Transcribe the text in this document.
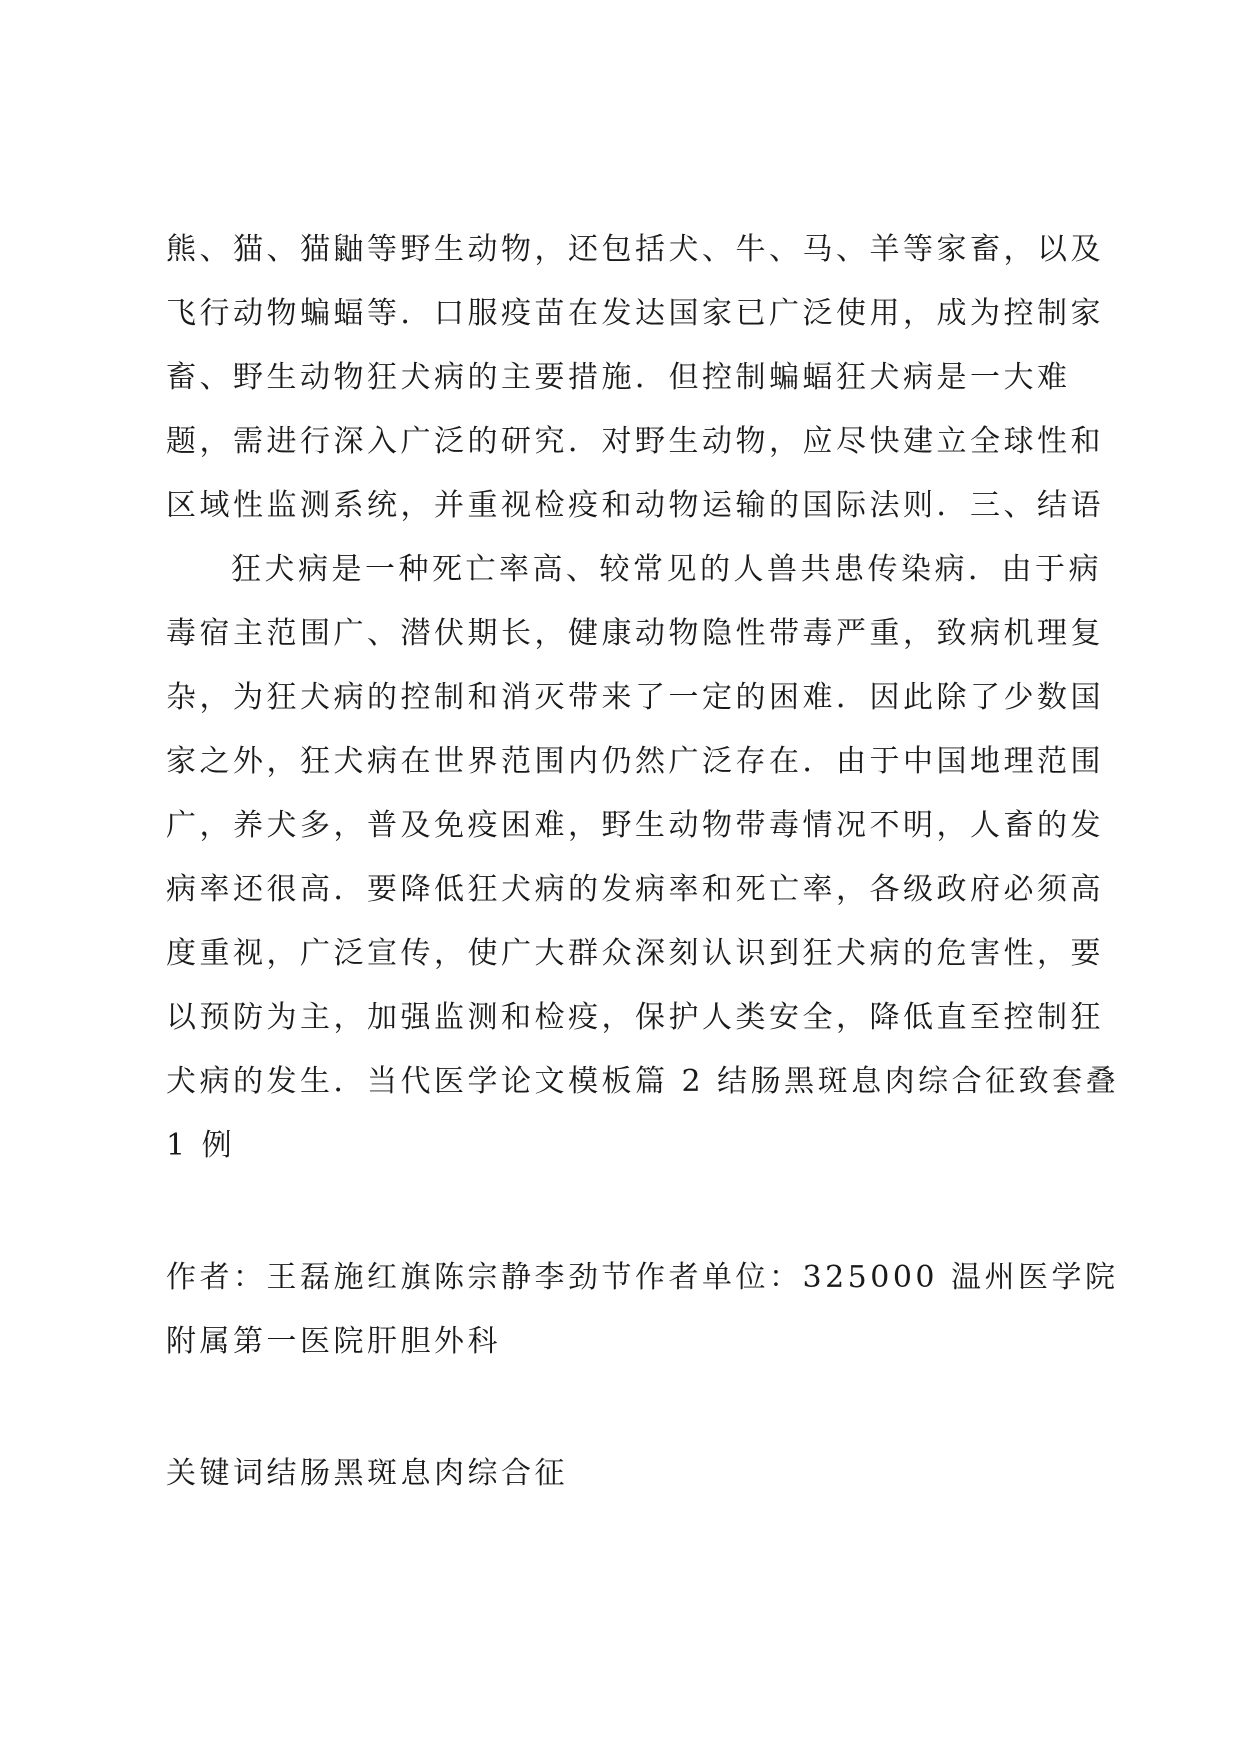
熊、猫、猫鼬等野生动物，还包括犬、牛、马、羊等家畜，以及
飞行动物蝙蝠等．口服疫苗在发达国家已广泛使用，成为控制家
畜、野生动物狂犬病的主要措施．但控制蝙蝠狂犬病是一大难
题，需进行深入广泛的研究．对野生动物，应尽快建立全球性和
区域性监测系统，并重视检疫和动物运输的国际法则．三、结语
狂犬病是一种死亡率高、较常见的人兽共患传染病．由于病
毒宿主范围广、潜伏期长，健康动物隐性带毒严重，致病机理复
杂，为狂犬病的控制和消灭带来了一定的困难．因此除了少数国
家之外，狂犬病在世界范围内仍然广泛存在．由于中国地理范围
广，养犬多，普及免疫困难，野生动物带毒情况不明，人畜的发
病率还很高．要降低狂犬病的发病率和死亡率，各级政府必须高
度重视，广泛宣传，使广大群众深刻认识到狂犬病的危害性，要
以预防为主，加强监测和检疫，保护人类安全，降低直至控制狂
犬病的发生．当代医学论文模板篇 2 结肠黑斑息肉综合征致套叠
1 例
作者：王磊施红旗陈宗静李劲节作者单位：325000 温州医学院
附属第一医院肝胆外科
关键词结肠黑斑息肉综合征
